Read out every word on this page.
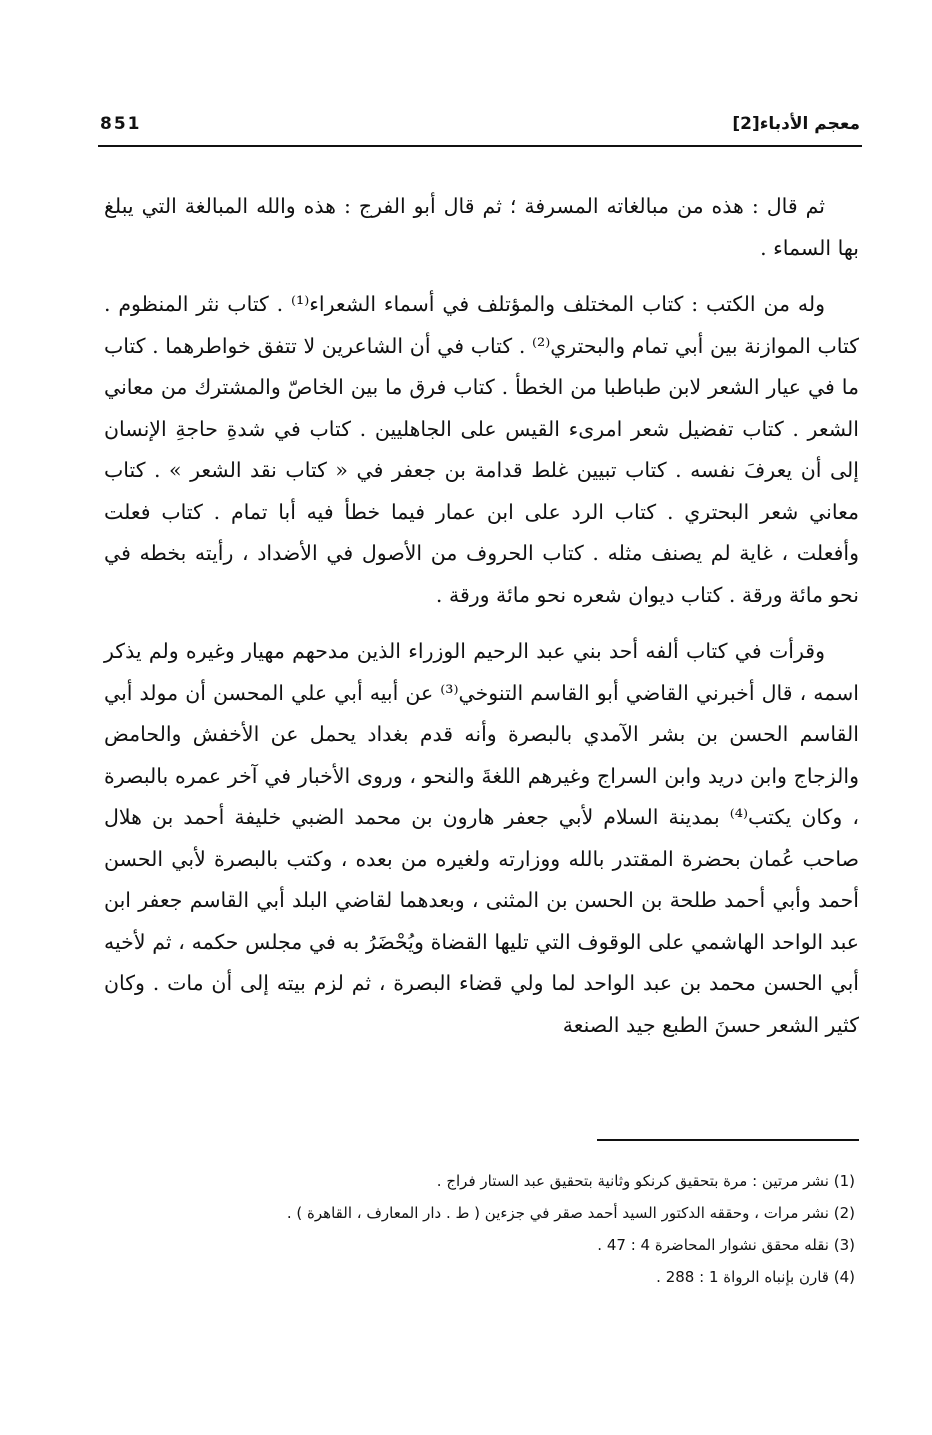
معجم الأدباء[2]
851

ثم قال : هذه من مبالغاته المسرفة ؛ ثم قال أبو الفرج : هذه والله المبالغة التي يبلغ بها السماء .

وله من الكتب : كتاب المختلف والمؤتلف في أسماء الشعراء⁽¹⁾ . كتاب نثر المنظوم . كتاب الموازنة بين أبي تمام والبحتري⁽²⁾ . كتاب في أن الشاعرين لا تتفق خواطرهما . كتاب ما في عيار الشعر لابن طباطبا من الخطأ . كتاب فرق ما بين الخاصّ والمشترك من معاني الشعر . كتاب تفضيل شعر امرىء القيس على الجاهليين . كتاب في شدةِ حاجةِ الإنسان إلى أن يعرفَ نفسه . كتاب تبيين غلط قدامة بن جعفر في « كتاب نقد الشعر » . كتاب معاني شعر البحتري . كتاب الرد على ابن عمار فيما خطأ فيه أبا تمام . كتاب فعلت وأفعلت ، غاية لم يصنف مثله . كتاب الحروف من الأصول في الأضداد ، رأيته بخطه في نحو مائة ورقة . كتاب ديوان شعره نحو مائة ورقة .

وقرأت في كتاب ألفه أحد بني عبد الرحيم الوزراء الذين مدحهم مهيار وغيره ولم يذكر اسمه ، قال أخبرني القاضي أبو القاسم التنوخي⁽³⁾ عن أبيه أبي علي المحسن أن مولد أبي القاسم الحسن بن بشر الآمدي بالبصرة وأنه قدم بغداد يحمل عن الأخفش والحامض والزجاج وابن دريد وابن السراج وغيرهم اللغةَ والنحو ، وروى الأخبار في آخر عمره بالبصرة ، وكان يكتب⁽⁴⁾ بمدينة السلام لأبي جعفر هارون بن محمد الضبي خليفة أحمد بن هلال صاحب عُمان بحضرة المقتدر بالله ووزارته ولغيره من بعده ، وكتب بالبصرة لأبي الحسن أحمد وأبي أحمد طلحة بن الحسن بن المثنى ، وبعدهما لقاضي البلد أبي القاسم جعفر ابن عبد الواحد الهاشمي على الوقوف التي تليها القضاة ويُحْضَرُ به في مجلس حكمه ، ثم لأخيه أبي الحسن محمد بن عبد الواحد لما ولي قضاء البصرة ، ثم لزم بيته إلى أن مات . وكان كثير الشعر حسنَ الطبع جيد الصنعة

(1) نشر مرتين : مرة بتحقيق كرنكو وثانية بتحقيق عبد الستار فراج .

(2) نشر مرات ، وحققه الدكتور السيد أحمد صقر في جزءين ( ط . دار المعارف ، القاهرة ) .

(3) نقله محقق نشوار المحاضرة 4 : 47 .

(4) قارن بإنباه الرواة 1 : 288 .
